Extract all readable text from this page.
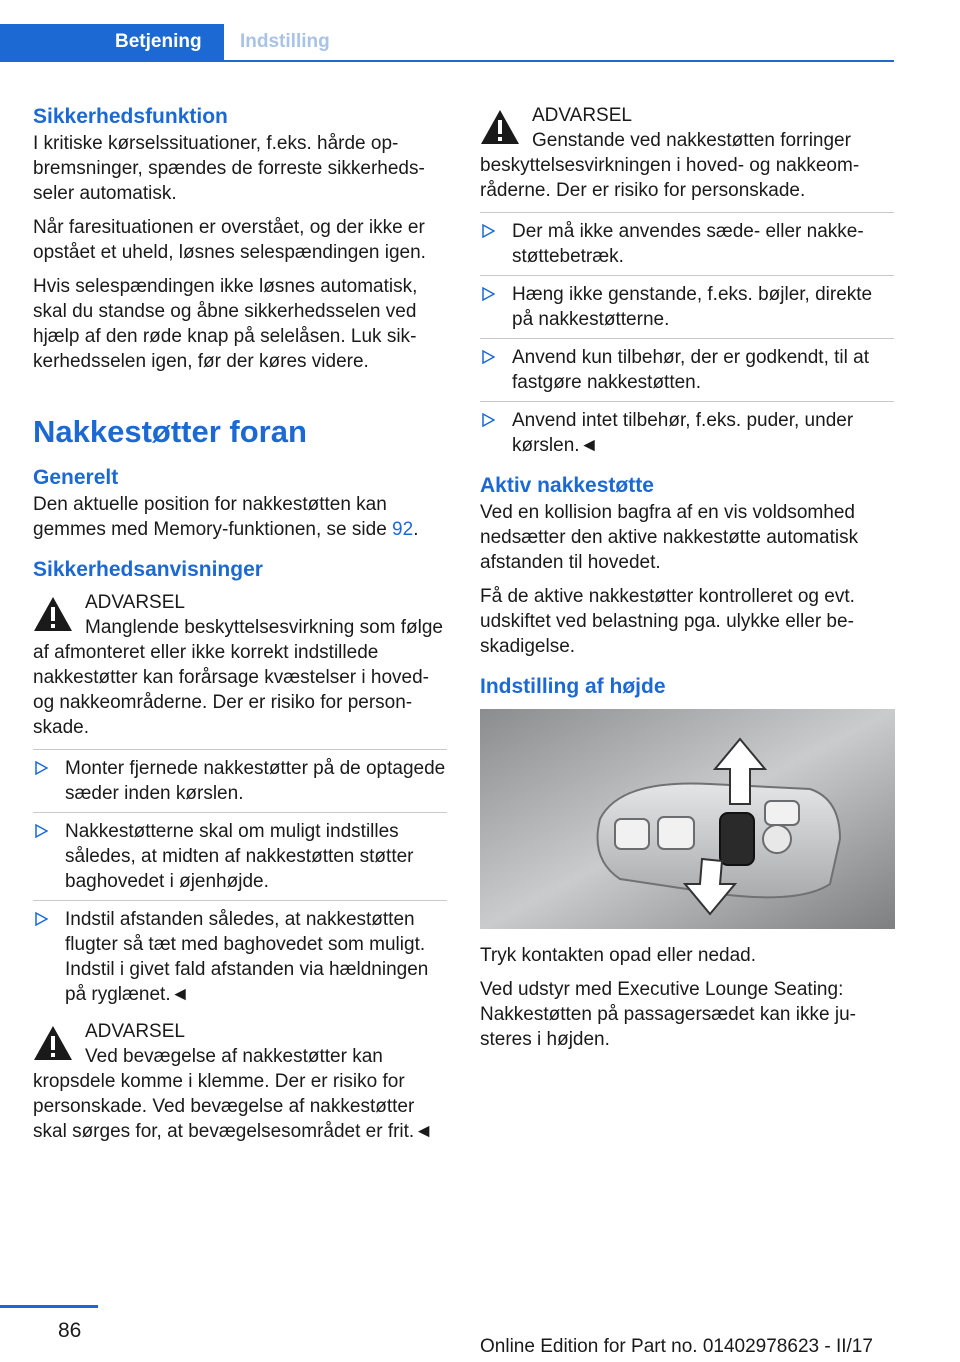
Betjening	Indstilling
Sikkerhedsfunktion

I kritiske kørselssituationer, f.eks. hårde opbremsninger, spændes de forreste sikkerhedsseler automatisk.

Når faresituationen er overstået, og der ikke er opstået et uheld, løsnes selespændingen igen.

Hvis selespændingen ikke løsnes automatisk, skal du standse og åbne sikkerhedsselen ved hjælp af den røde knap på selelåsen. Luk sikkerhedsselen igen, før der køres videre.

Nakkestøtter foran
Generelt

Den aktuelle position for nakkestøtten kan gemmes med Memory-funktionen, se side 92.

Sikkerhedsanvisninger
ADVARSEL
Manglende beskyttelsesvirkning som følge af afmonteret eller ikke korrekt indstillede nakkestøtter kan forårsage kvæstelser i hoved- og nakkeområderne. Der er risiko for personskade.
Monter fjernede nakkestøtter på de optagede sæder inden kørslen.
Nakkestøtterne skal om muligt indstilles således, at midten af nakkestøtten støtter baghovedet i øjenhøjde.
Indstil afstanden således, at nakkestøtten flugter så tæt med baghovedet som muligt. Indstil i givet fald afstanden via hældningen på ryglænet.◄
ADVARSEL
Ved bevægelse af nakkestøtter kan kropsdele komme i klemme. Der er risiko for personskade. Ved bevægelse af nakkestøtter skal sørges for, at bevægelsesområdet er frit.◄
ADVARSEL
Genstande ved nakkestøtten forringer beskyttelsesvirkningen i hoved- og nakkeområderne. Der er risiko for personskade.
Der må ikke anvendes sæde- eller nakkestøttebetræk.
Hæng ikke genstande, f.eks. bøjler, direkte på nakkestøtterne.
Anvend kun tilbehør, der er godkendt, til at fastgøre nakkestøtten.
Anvend intet tilbehør, f.eks. puder, under kørslen.◄
Aktiv nakkestøtte

Ved en kollision bagfra af en vis voldsomhed nedsætter den aktive nakkestøtte automatisk afstanden til hovedet.

Få de aktive nakkestøtter kontrolleret og evt. udskiftet ved belastning pga. ulykke eller beskadigelse.

Indstilling af højde

Tryk kontakten opad eller nedad.

Ved udstyr med Executive Lounge Seating: Nakkestøtten på passagersædet kan ikke justeres i højden.

86
Online Edition for Part no. 01402978623 - II/17
